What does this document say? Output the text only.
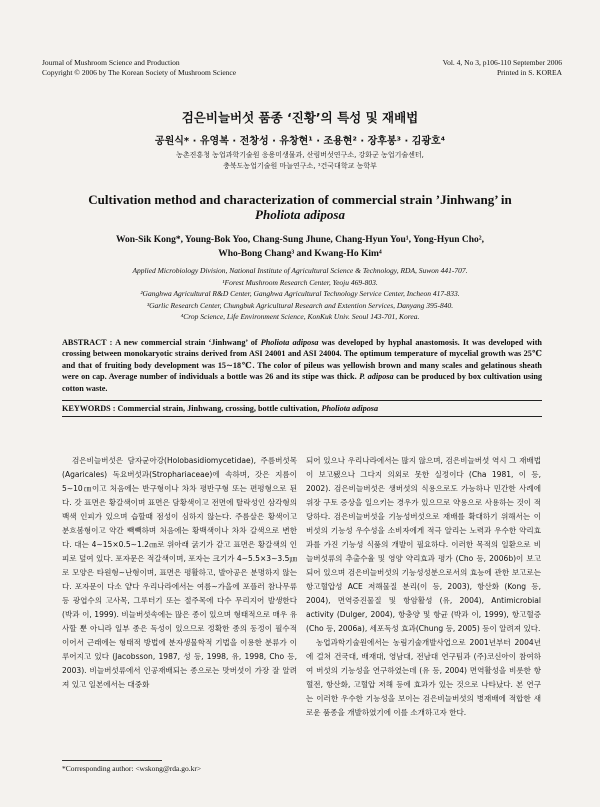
Journal of Mushroom Science and Production
Copyright © 2006 by The Korean Society of Mushroom Science
Vol. 4, No 3, p106-110 September 2006
Printed in S. KOREA
검은비늘버섯 품종 ‘진황’의 특성 및 재배법
공원식* · 유영복 · 전창성 · 유창현¹ · 조용현² · 장후봉³ · 김광호⁴
농촌진흥청 농업과학기술원 응용미생물과, 산림버섯연구소, 강화군 농업기술센터,
충북도농업기술원 마늘연구소, ¹건국대학교 농학부
Cultivation method and characterization of commercial strain ’Jinhwang’ in
Pholiota adiposa
Won-Sik Kong*, Young-Bok Yoo, Chang-Sung Jhune, Chang-Hyun You¹, Yong-Hyun Cho²,
Who-Bong Chang³ and Kwang-Ho Kim⁴
Applied Microbiology Division, National Institute of Agricultural Science & Technology, RDA, Suwon 441-707.
¹Forest Mushroom Research Center, Yeoju 469-803.
²Ganghwa Agricultural R&D Center, Ganghwa Agricultural Technology Service Center, Incheon 417-833.
³Garlic Research Center, Chungbuk Agricultural Research and Extention Services, Danyang 395-840.
⁴Crop Science, Life Environment Science, KonKuk Univ. Seoul 143-701, Korea.
ABSTRACT : A new commercial strain ‘Jinhwang’ of Pholiota adiposa was developed by hyphal anastomosis. It was developed with crossing between monokaryotic strains derived from ASI 24001 and ASI 24004. The optimum temperature of mycelial growth was 25℃ and that of fruiting body development was 15∼18℃. The color of pileus was yellowish brown and many scales and gelatinous sheath were on cap. Average number of individuals a bottle was 26 and its stipe was thick. P. adiposa can be produced by box cultivation using cotton waste.
KEYWORDS : Commercial strain, Jinhwang, crossing, bottle cultivation, Pholiota adiposa

검은비늘버섯은 담자균아강(Holobasidiomycetidae), 주름버섯목(Agaricales) 독요버섯과(Strophariaceae)에 속하며, 갓은 지름이 5∼10㎝이고 처음에는 반구형이나 차차 평반구형 또는 편평형으로 된다. 갓 표면은 황갈색이며 표면은 담황색이고 전면에 탈락성인 삼각형의 백색 인피가 있으며 습할때 점성이 심하지 않는다. 주름살은 황색이고 분흐봄형이고 약간 빽빽하며 처음에는 황백색이나 차차 갈색으로 변한다. 대는 4∼15×0.5∼1.2㎝로 위아래 굵기가 같고 표면은 황갈색의 인피로 덮여 있다. 포자문은 적갈색이며, 포자는 크기가 4∼5.5×3∼3.5㎛로 모양은 타원형∼난형이며, 표면은 평활하고, 발아공은 분명하지 않는다. 포자문이 다소 얕다 우리나라에서는 여름∼가을에 포플러 참나무류 등 광엽수의 고사목, 그루터기 또는 절주목에 다수 무리지어 발생한다 (박과 이, 1999). 비늘버섯속에는 많은 종이 있으며 형태적으로 매우 유사할 뿐 아니라 일부 종은 독성이 있으므로 정확한 종의 동정이 필수적이어서 근래에는 형태적 방법에 분자생물학적 기법을 이용한 분류가 이루어지고 있다 (Jacobsson, 1987, 성 등, 1998, 유, 1998, Cho 등, 2003). 비늘버섯류에서 인공재배되는 종으로는 맛버섯이 가장 잘 알려져 있고 일본에서는 대중화

되어 있으나 우리나라에서는 많지 않으며, 검은비늘버섯 역시 그 재배법이 보고됐으나 그다지 의외로 못한 실정이다 (Cha 1981, 이 등, 2002). 검은비늘버섯은 생버섯의 식용으로도 가능하나 민간한 사례에 위장 구토 증상을 일으키는 경우가 있으므로 약용으로 사용하는 것이 적당하다. 검은비늘버섯을 기능성버섯으로 재배를 확대하기 위해서는 이 버섯의 기능성 우수성을 소비자에게 적극 알리는 노력과 우수한 약리효과를 가진 기능성 식품의 개발이 필요하다. 이러한 목적의 일환으로 비늘버섯류의 추출수율 및 영양 약리효과 평가 (Cho 등, 2006b)이 보고되어 있으며 검은비늘버섯의 기능성성분으로서의 효능에 관한 보고로는 항고혈압성 ACE 저해물질 분리(이 등, 2003), 항산화 (Kong 등, 2004), 면역증진물질 및 항암활성 (유, 2004), Antimicrobial activity (Dulger, 2004), 항충양 및 항균 (박과 이, 1999), 항고혈증(Cho 등, 2006a), 세포독성 효과(Chung 등, 2005) 등이 알려져 있다.

농업과학기술원에서는 농림기술개발사업으로 2001년부터 2004년에 걸쳐 건국대, 배재대, 영남대, 전남대 연구팀과 (주)코신아이 참여하여 버섯의 기능성을 연구하였는데 (유 등, 2004) 면역활성을 비롯한 항혈전, 항산화, 고혈압 저해 등에 효과가 있는 것으로 나타났다. 본 연구는 이러한 우수한 기능성을 보이는 검은비늘버섯의 병재배에 적합한 새로운 품종을 개발하였기에 이를 소개하고자 한다.

*Corresponding author: <wskong@rda.go.kr>
